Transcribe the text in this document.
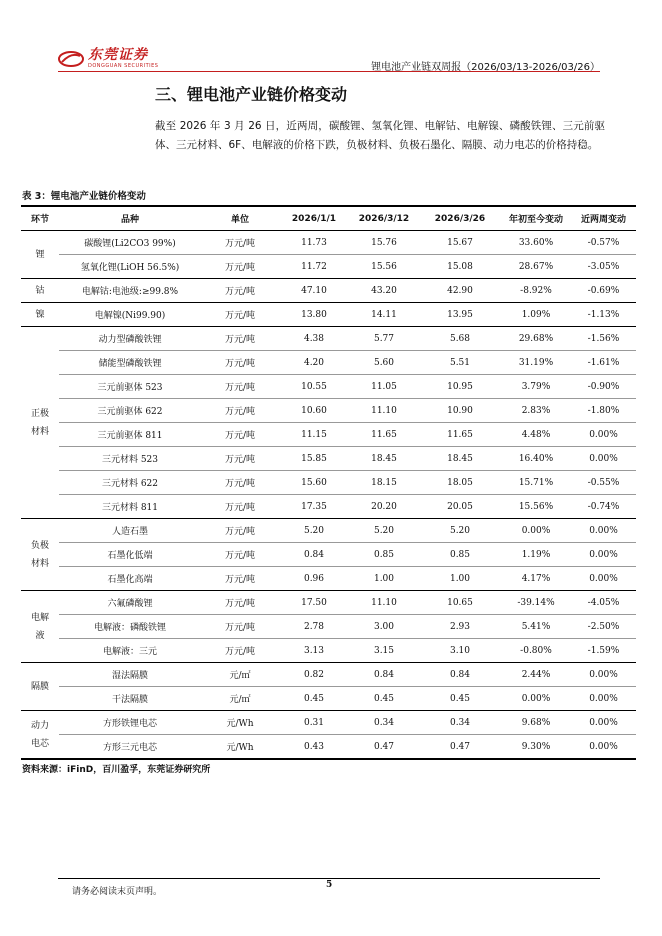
东莞证券
DONGGUAN SECURITIES	锂电池产业链双周报（2026/03/13-2026/03/26）
三、锂电池产业链价格变动
截至 2026 年 3 月 26 日，近两周，碳酸锂、氢氧化锂、电解钴、电解镍、磷酸铁锂、三元前驱体、三元材料、6F、电解液的价格下跌，负极材料、负极石墨化、隔膜、动力电芯的价格持稳。
表 3：锂电池产业链价格变动
环节	品种	单位	2026/1/1	2026/3/12	2026/3/26	年初至今变动	近两周变动
锂	碳酸锂(Li2CO3 99%)	万元/吨	11.73	15.76	15.67	33.60%	-0.57%
	氢氧化锂(LiOH 56.5%)	万元/吨	11.72	15.56	15.08	28.67%	-3.05%
钴	电解钴:电池级:≥99.8%	万元/吨	47.10	43.20	42.90	-8.92%	-0.69%
镍	电解镍(Ni99.90)	万元/吨	13.80	14.11	13.95	1.09%	-1.13%
正极
材料	动力型磷酸铁锂	万元/吨	4.38	5.77	5.68	29.68%	-1.56%
	储能型磷酸铁锂	万元/吨	4.20	5.60	5.51	31.19%	-1.61%
	三元前驱体 523	万元/吨	10.55	11.05	10.95	3.79%	-0.90%
	三元前驱体 622	万元/吨	10.60	11.10	10.90	2.83%	-1.80%
	三元前驱体 811	万元/吨	11.15	11.65	11.65	4.48%	0.00%
	三元材料 523	万元/吨	15.85	18.45	18.45	16.40%	0.00%
	三元材料 622	万元/吨	15.60	18.15	18.05	15.71%	-0.55%
	三元材料 811	万元/吨	17.35	20.20	20.05	15.56%	-0.74%
负极
材料	人造石墨	万元/吨	5.20	5.20	5.20	0.00%	0.00%
	石墨化低端	万元/吨	0.84	0.85	0.85	1.19%	0.00%
	石墨化高端	万元/吨	0.96	1.00	1.00	4.17%	0.00%
电解
液	六氟磷酸锂	万元/吨	17.50	11.10	10.65	-39.14%	-4.05%
	电解液：磷酸铁锂	万元/吨	2.78	3.00	2.93	5.41%	-2.50%
	电解液：三元	万元/吨	3.13	3.15	3.10	-0.80%	-1.59%
隔膜	湿法隔膜	元/㎡	0.82	0.84	0.84	2.44%	0.00%
	干法隔膜	元/㎡	0.45	0.45	0.45	0.00%	0.00%
动力
电芯	方形铁锂电芯	元/Wh	0.31	0.34	0.34	9.68%	0.00%
	方形三元电芯	元/Wh	0.43	0.47	0.47	9.30%	0.00%
资料来源：iFinD，百川盈孚，东莞证券研究所
请务必阅读末页声明。
5
